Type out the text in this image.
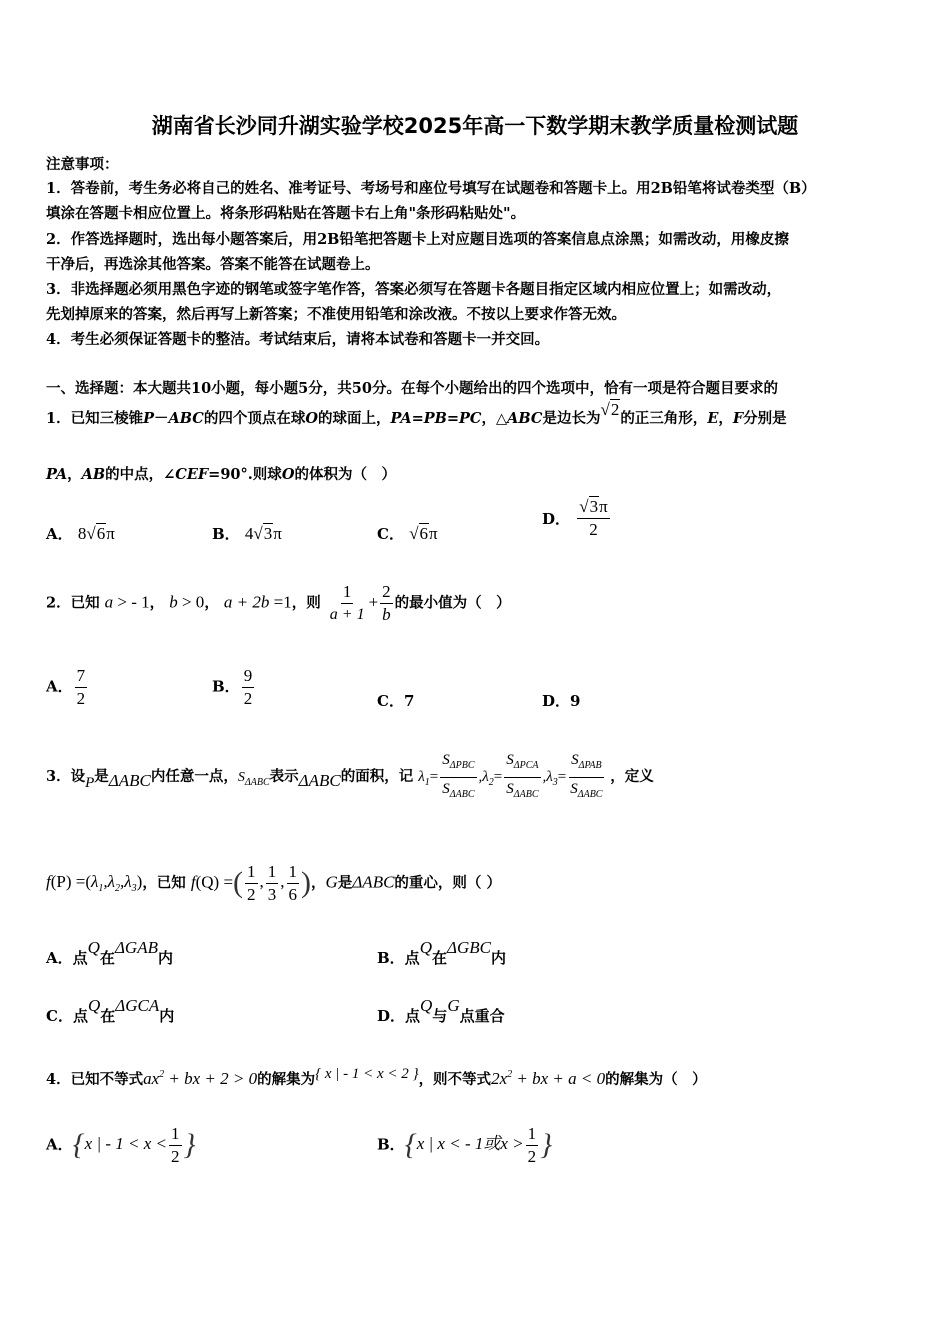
湖南省长沙同升湖实验学校2025年高一下数学期末教学质量检测试题
注意事项：
1．答卷前，考生务必将自己的姓名、准考证号、考场号和座位号填写在试题卷和答题卡上。用2B铅笔将试卷类型（B）
填涂在答题卡相应位置上。将条形码粘贴在答题卡右上角"条形码粘贴处"。
2．作答选择题时，选出每小题答案后，用2B铅笔把答题卡上对应题目选项的答案信息点涂黑；如需改动，用橡皮擦
干净后，再选涂其他答案。答案不能答在试题卷上。
3．非选择题必须用黑色字迹的钢笔或签字笔作答，答案必须写在答题卡各题目指定区域内相应位置上；如需改动，
先划掉原来的答案，然后再写上新答案；不准使用铅笔和涂改液。不按以上要求作答无效。
4．考生必须保证答题卡的整洁。考试结束后，请将本试卷和答题卡一并交回。
一、选择题：本大题共10小题，每小题5分，共50分。在每个小题给出的四个选项中，恰有一项是符合题目要求的
1．已知三棱锥P－ABC的四个顶点在球O的球面上，PA=PB=PC，△ABC是边长为√2的正三角形，E，F分别是
PA，AB的中点，∠CEF=90°.则球O的体积为（　）
A． 8√6π	B． 4√3π	C． √6π
D． $\frac{√3\pi}{2}$
2．已知 a > - 1， b > 0， a + 2b =1，则 $\frac{1}{a + 1} + \frac{2}{b}$ 的最小值为（　）
A． $\frac{7}{2}$	B． $\frac{9}{2}$	C．7	D．9
3．设P是ΔABC内任意一点，$S_{\Delta ABC}$表示ΔABC的面积，记 $\lambda_1= \frac{S_{\Delta PBC}}{S_{\Delta ABC}} ,\lambda_2= \frac{S_{\Delta PCA}}{S_{\Delta ABC}} ,\lambda_3= \frac{S_{\Delta PAB}}{S_{\Delta ABC}}$ ，定义
$f(P) =(\lambda_1,\lambda_2,\lambda_3)$，已知 f(Q) =( $\frac{1}{2}$ , $\frac{1}{3}$ , $\frac{1}{6}$ )，G是ΔABC的重心，则（ ）
A．点Q在ΔGAB内	B．点Q在ΔGBC内
C．点Q在ΔGCA内	D．点Q与G点重合
4．已知不等式$ax^2$ + bx + 2 > 0的解集为{ x | - 1 < x < 2 }，则不等式$2x^2$ + bx + a < 0的解集为（　）
A．{x | - $1 < x < \frac{1}{2}$ }	B．{x | x < - 1或$x > \frac{1}{2}$ }
